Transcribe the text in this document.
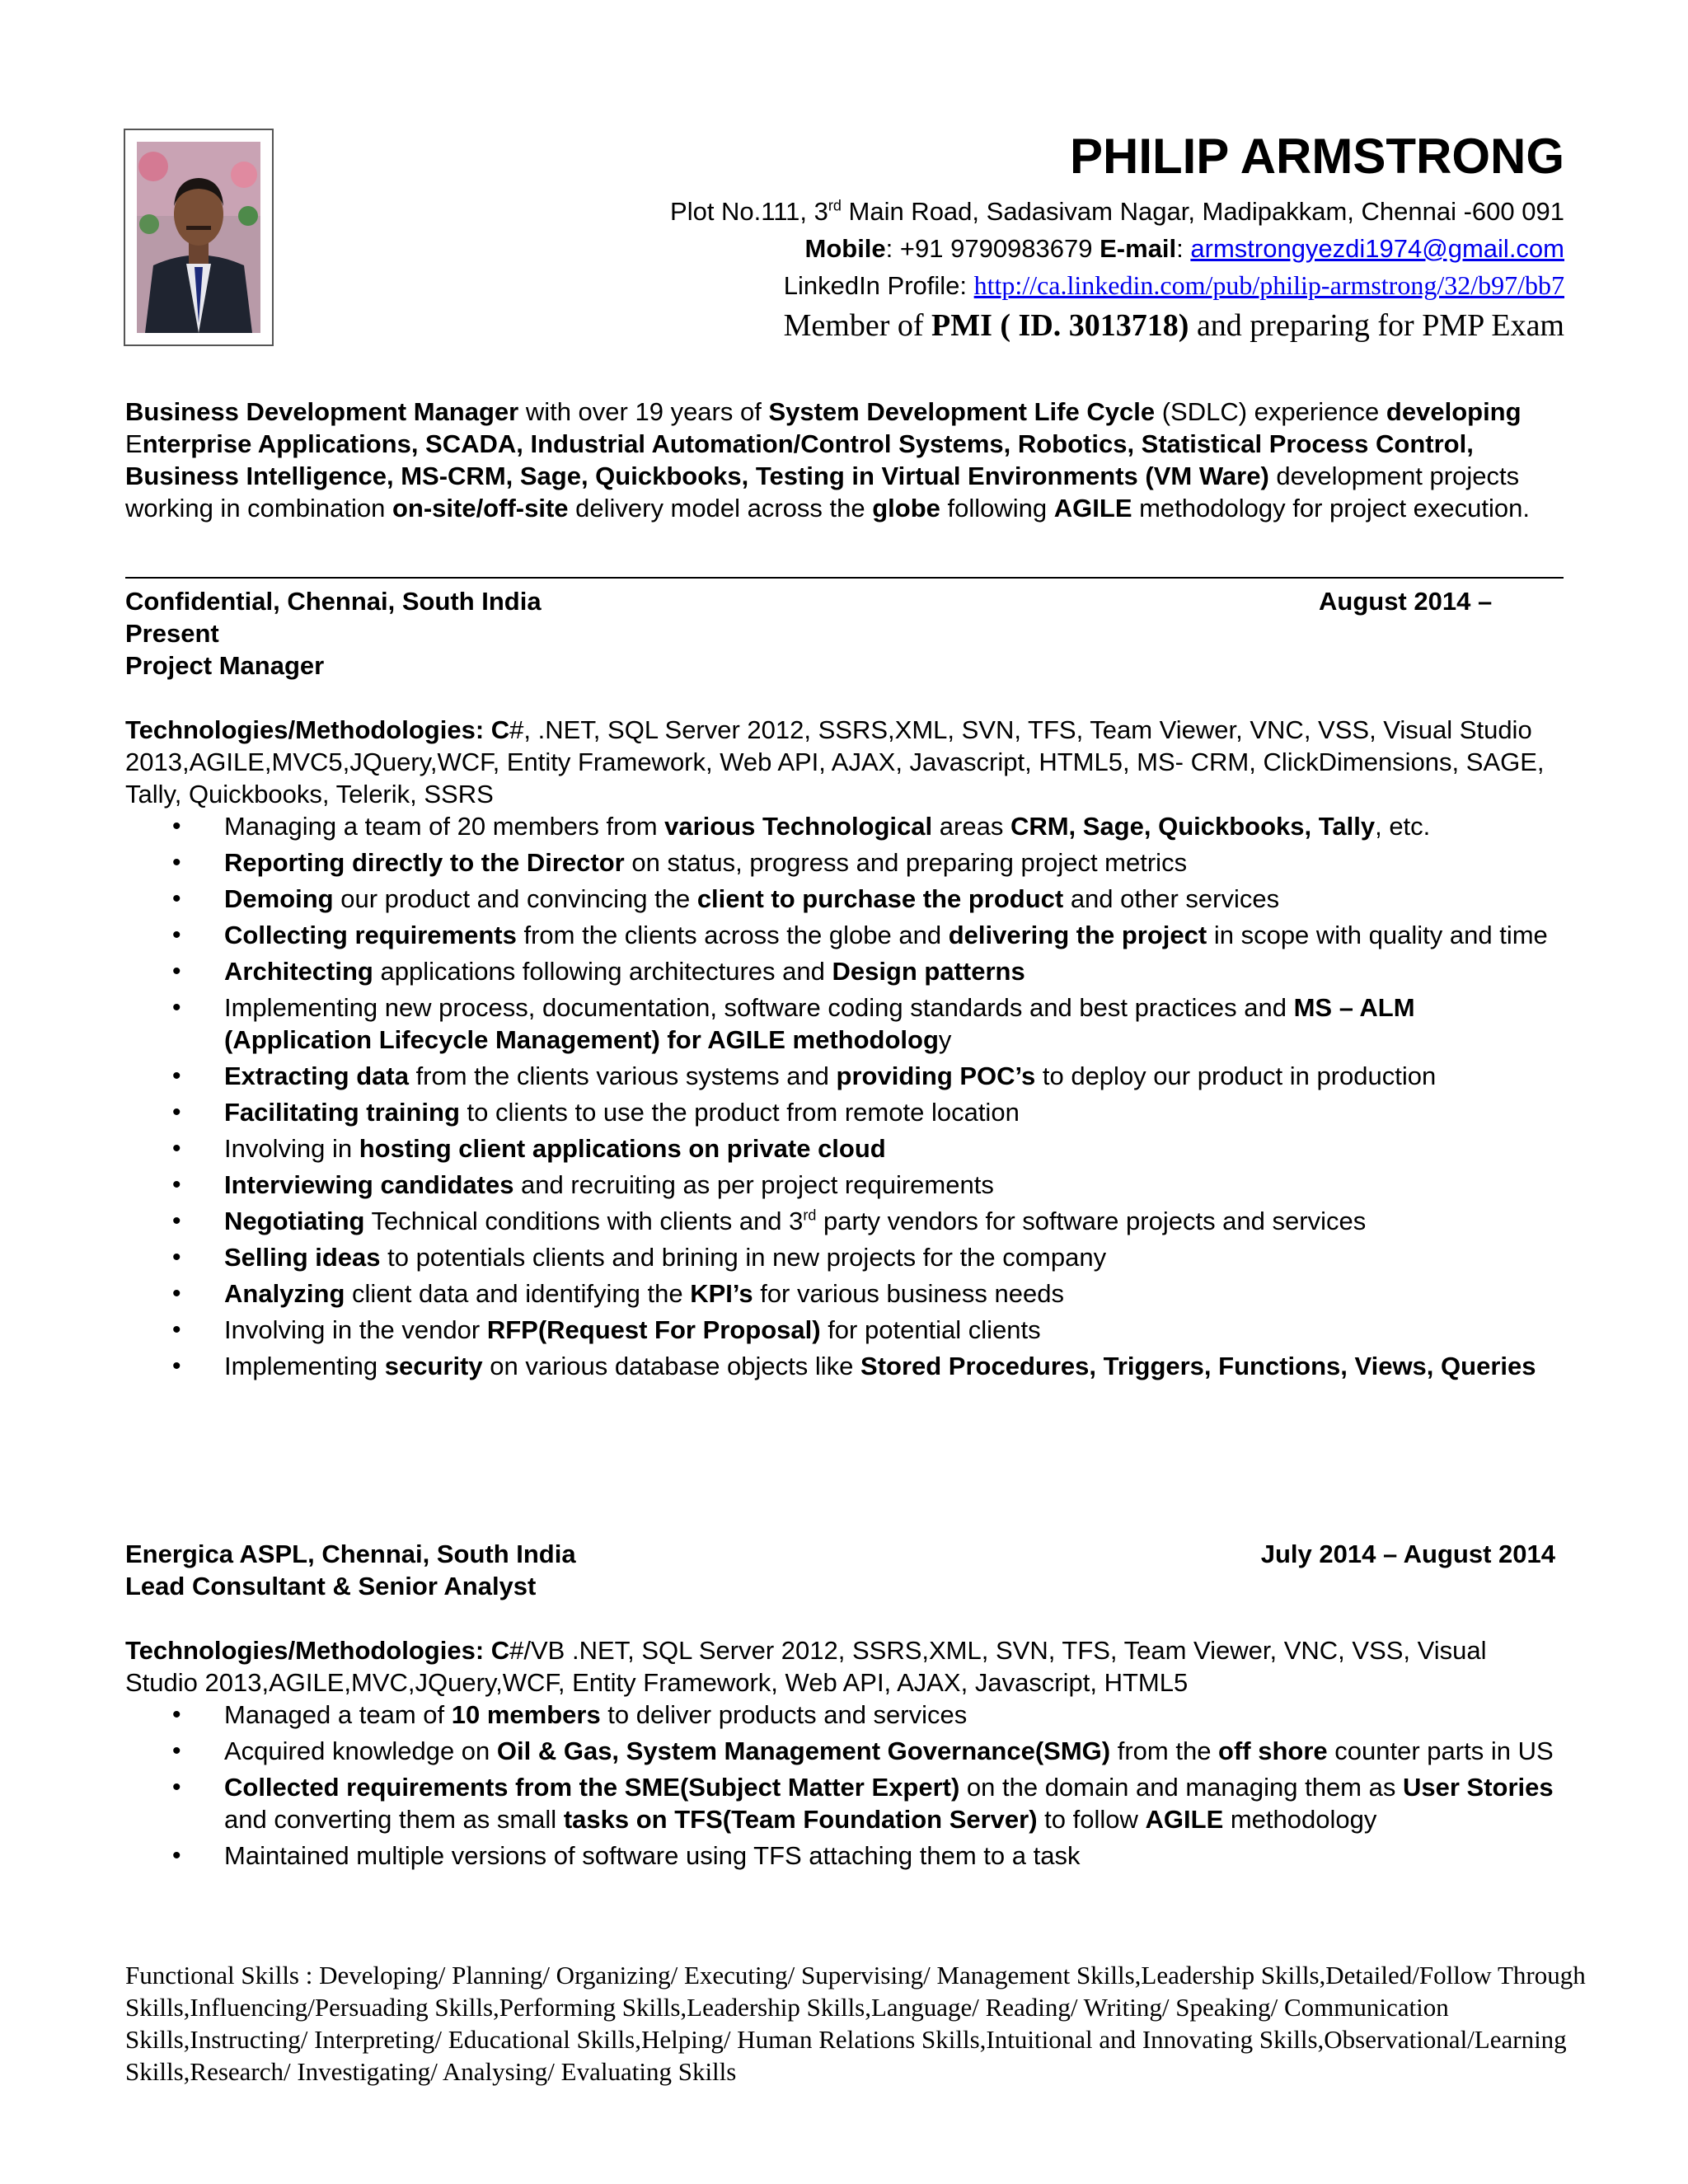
PHILIP ARMSTRONG
Plot No.111, 3rd Main Road, Sadasivam Nagar, Madipakkam, Chennai -600 091
Mobile: +91 9790983679 E-mail: armstrongyezdi1974@gmail.com
LinkedIn Profile: http://ca.linkedin.com/pub/philip-armstrong/32/b97/bb7
Member of PMI ( ID. 3013718) and preparing for PMP Exam
Business Development Manager with over 19 years of System Development Life Cycle (SDLC) experience developing Enterprise Applications, SCADA, Industrial Automation/Control Systems, Robotics, Statistical Process Control, Business Intelligence, MS-CRM, Sage, Quickbooks, Testing in Virtual Environments (VM Ware) development projects working in combination on-site/off-site delivery model across the globe following AGILE methodology for project execution.
Confidential, Chennai, South India	August 2014 –
Present
Project Manager
Technologies/Methodologies: C#, .NET, SQL Server 2012, SSRS,XML, SVN, TFS, Team Viewer, VNC, VSS, Visual Studio 2013,AGILE,MVC5,JQuery,WCF, Entity Framework, Web API, AJAX, Javascript, HTML5, MS- CRM, ClickDimensions, SAGE, Tally, Quickbooks, Telerik, SSRS
• Managing a team of 20 members from various Technological areas CRM, Sage, Quickbooks, Tally, etc.
• Reporting directly to the Director on status, progress and preparing project metrics
• Demoing our product and convincing the client to purchase the product and other services
• Collecting requirements from the clients across the globe and delivering the project in scope with quality and time
• Architecting applications following architectures and Design patterns
• Implementing new process, documentation, software coding standards and best practices and MS – ALM (Application Lifecycle Management) for AGILE methodology
• Extracting data from the clients various systems and providing POC’s to deploy our product in production
• Facilitating training to clients to use the product from remote location
• Involving in hosting client applications on private cloud
• Interviewing candidates and recruiting as per project requirements
• Negotiating Technical conditions with clients and 3rd party vendors for software projects and services
• Selling ideas to potentials clients and brining in new projects for the company
• Analyzing client data and identifying the KPI’s for various business needs
• Involving in the vendor RFP(Request For Proposal) for potential clients
• Implementing security on various database objects like Stored Procedures, Triggers, Functions, Views, Queries
Energica ASPL, Chennai, South India	July 2014 – August 2014
Lead Consultant & Senior Analyst
Technologies/Methodologies: C#/VB .NET, SQL Server 2012, SSRS,XML, SVN, TFS, Team Viewer, VNC, VSS, Visual Studio 2013,AGILE,MVC,JQuery,WCF, Entity Framework, Web API, AJAX, Javascript, HTML5
• Managed a team of 10 members to deliver products and services
• Acquired knowledge on Oil & Gas, System Management Governance(SMG) from the off shore counter parts in US
• Collected requirements from the SME(Subject Matter Expert) on the domain and managing them as User Stories and converting them as small tasks on TFS(Team Foundation Server) to follow AGILE methodology
• Maintained multiple versions of software using TFS attaching them to a task
Functional Skills : Developing/ Planning/ Organizing/ Executing/ Supervising/ Management Skills,Leadership Skills,Detailed/Follow Through Skills,Influencing/Persuading Skills,Performing Skills,Leadership Skills,Language/ Reading/ Writing/ Speaking/ Communication Skills,Instructing/ Interpreting/ Educational Skills,Helping/ Human Relations Skills,Intuitional and Innovating Skills,Observational/Learning Skills,Research/ Investigating/ Analysing/ Evaluating Skills
